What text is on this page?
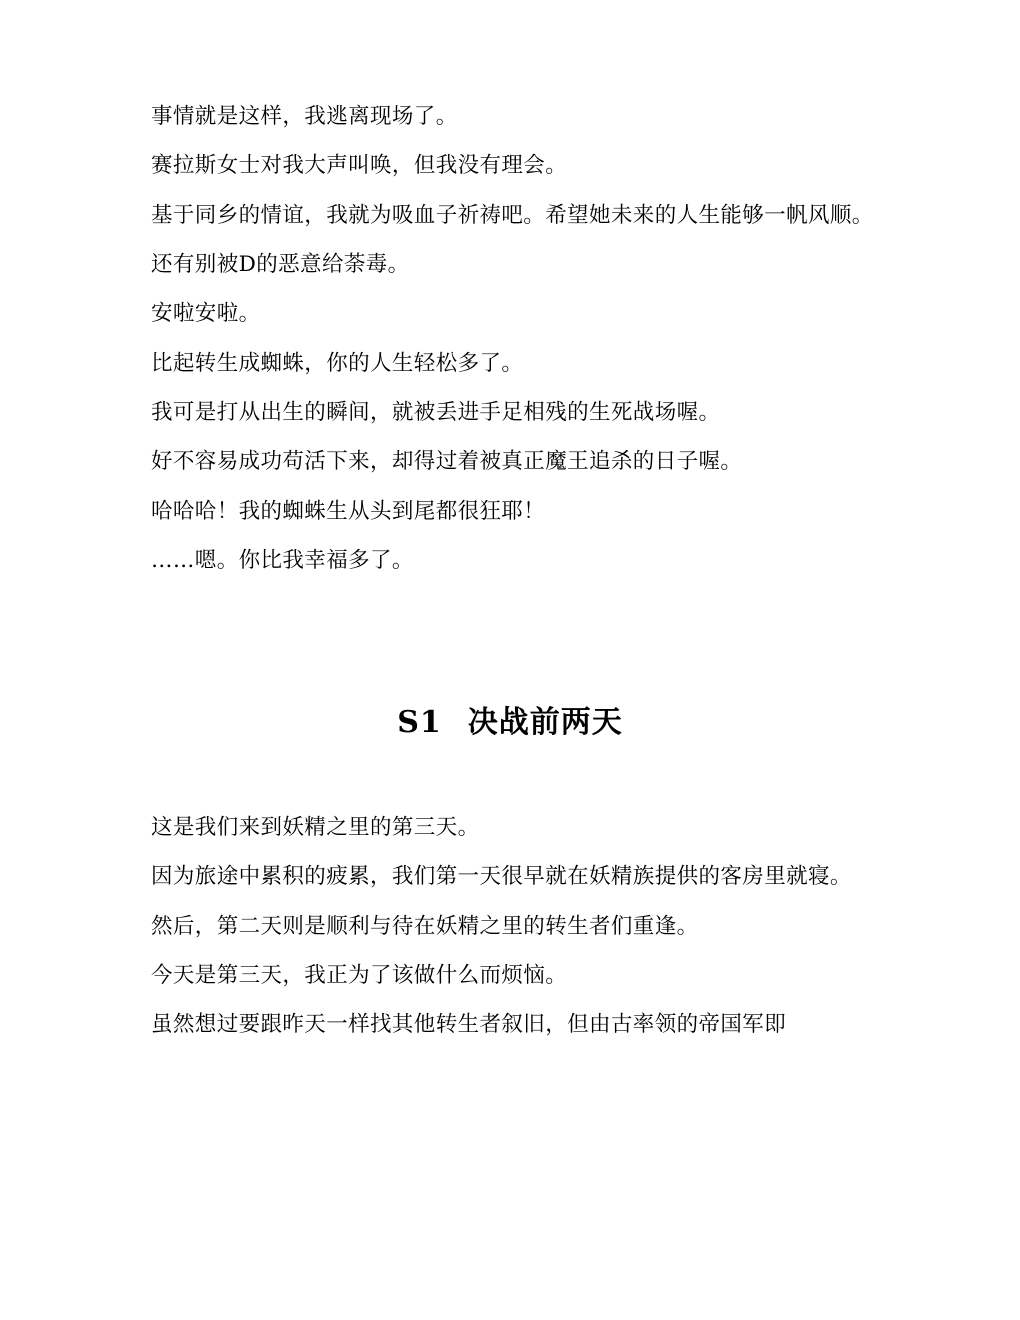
事情就是这样，我逃离现场了。

赛拉斯女士对我大声叫唤，但我没有理会。

基于同乡的情谊，我就为吸血子祈祷吧。希望她未来的人生能够一帆风顺。

还有别被D的恶意给荼毒。

安啦安啦。

比起转生成蜘蛛，你的人生轻松多了。

我可是打从出生的瞬间，就被丢进手足相残的生死战场喔。

好不容易成功苟活下来，却得过着被真正魔王追杀的日子喔。

哈哈哈！我的蜘蛛生从头到尾都很狂耶！

……嗯。你比我幸福多了。

S1 决战前两天

这是我们来到妖精之里的第三天。

因为旅途中累积的疲累，我们第一天很早就在妖精族提供的客房里就寝。

然后，第二天则是顺利与待在妖精之里的转生者们重逢。

今天是第三天，我正为了该做什么而烦恼。

虽然想过要跟昨天一样找其他转生者叙旧，但由古率领的帝国军即
